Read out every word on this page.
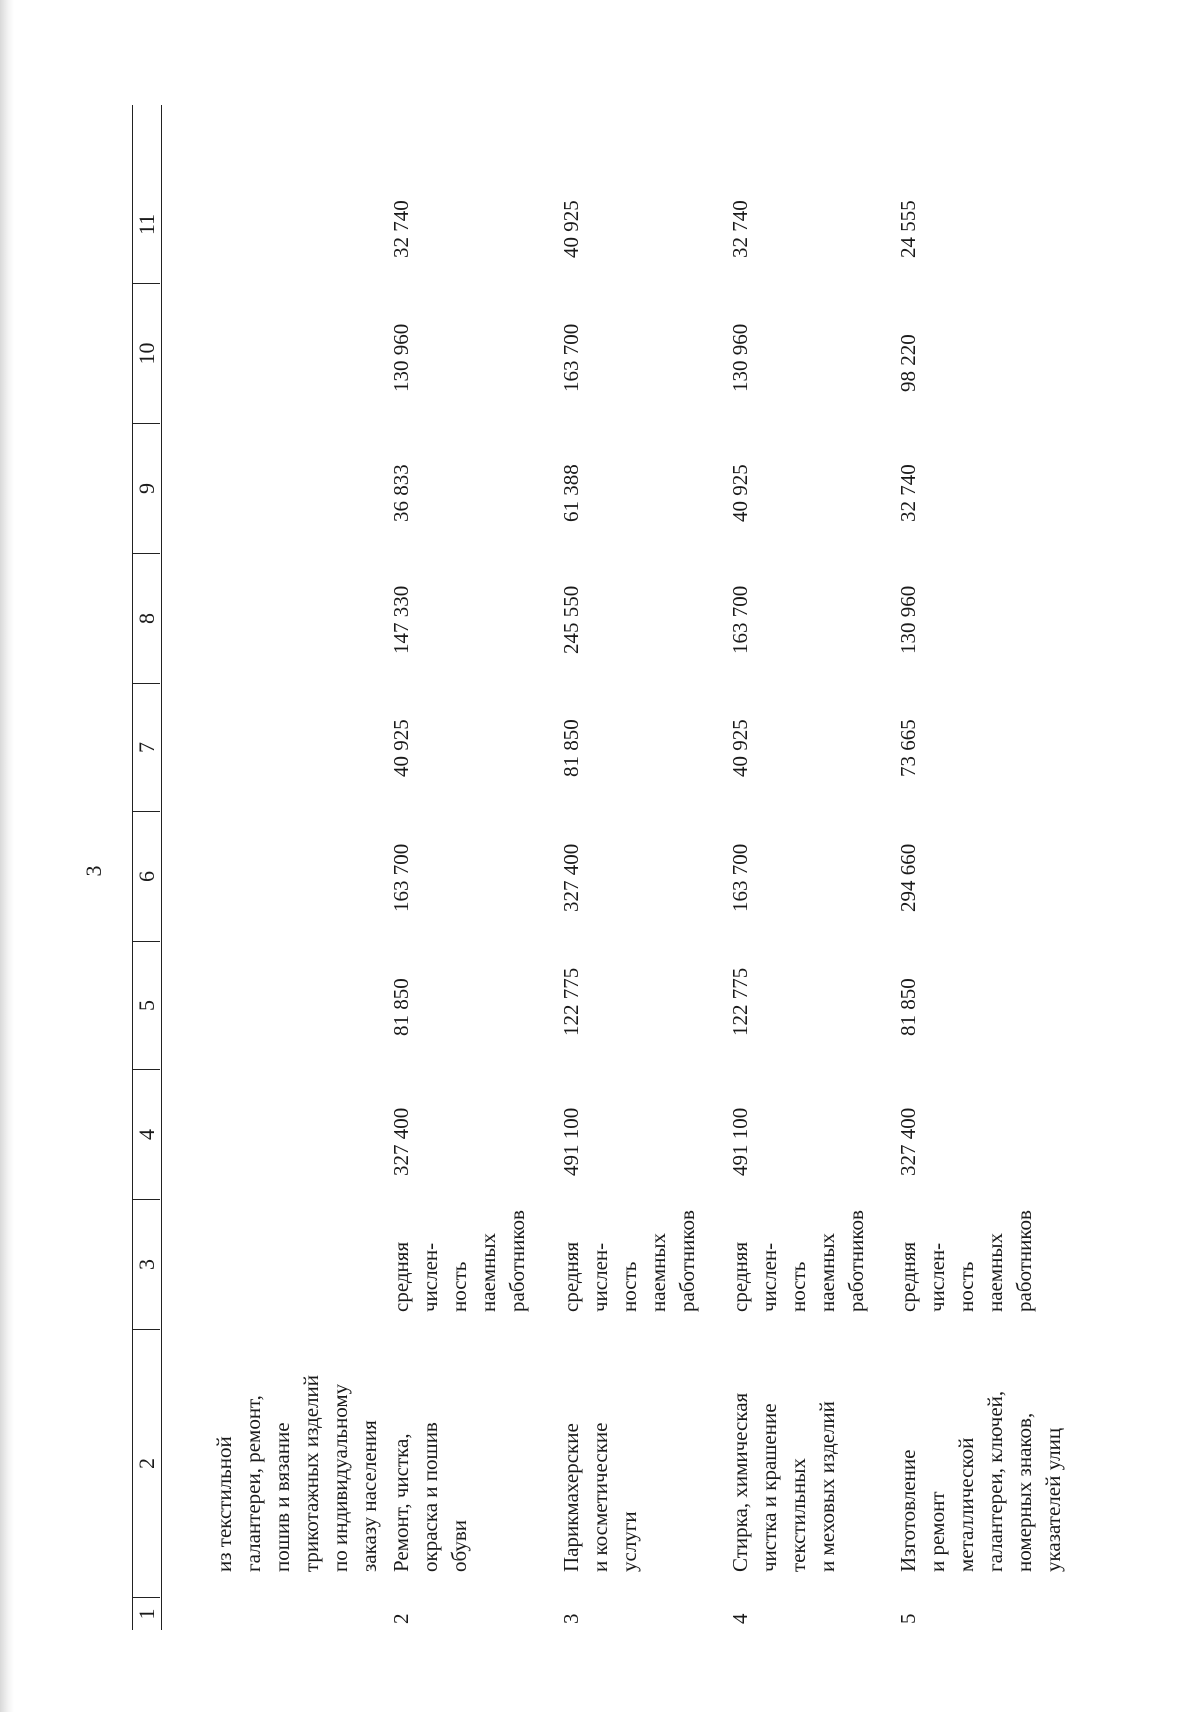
3
1
2
3
4
5
6
7
8
9
10
11
из текстильной
галантереи, ремонт,
пошив и вязание
трикотажных изделий
по индивидуальному
заказу населения
2
Ремонт, чистка,
окраска и пошив
обуви
средняя
числен-
ность
наемных
работников
327 400
81 850
163 700
40 925
147 330
36 833
130 960
32 740
3
Парикмахерские
и косметические
услуги
средняя
числен-
ность
наемных
работников
491 100
122 775
327 400
81 850
245 550
61 388
163 700
40 925
4
Стирка, химическая
чистка и крашение
текстильных
и меховых изделий
средняя
числен-
ность
наемных
работников
491 100
122 775
163 700
40 925
163 700
40 925
130 960
32 740
5
Изготовление
и ремонт
металлической
галантереи, ключей,
номерных знаков,
указателей улиц
средняя
числен-
ность
наемных
работников
327 400
81 850
294 660
73 665
130 960
32 740
98 220
24 555
